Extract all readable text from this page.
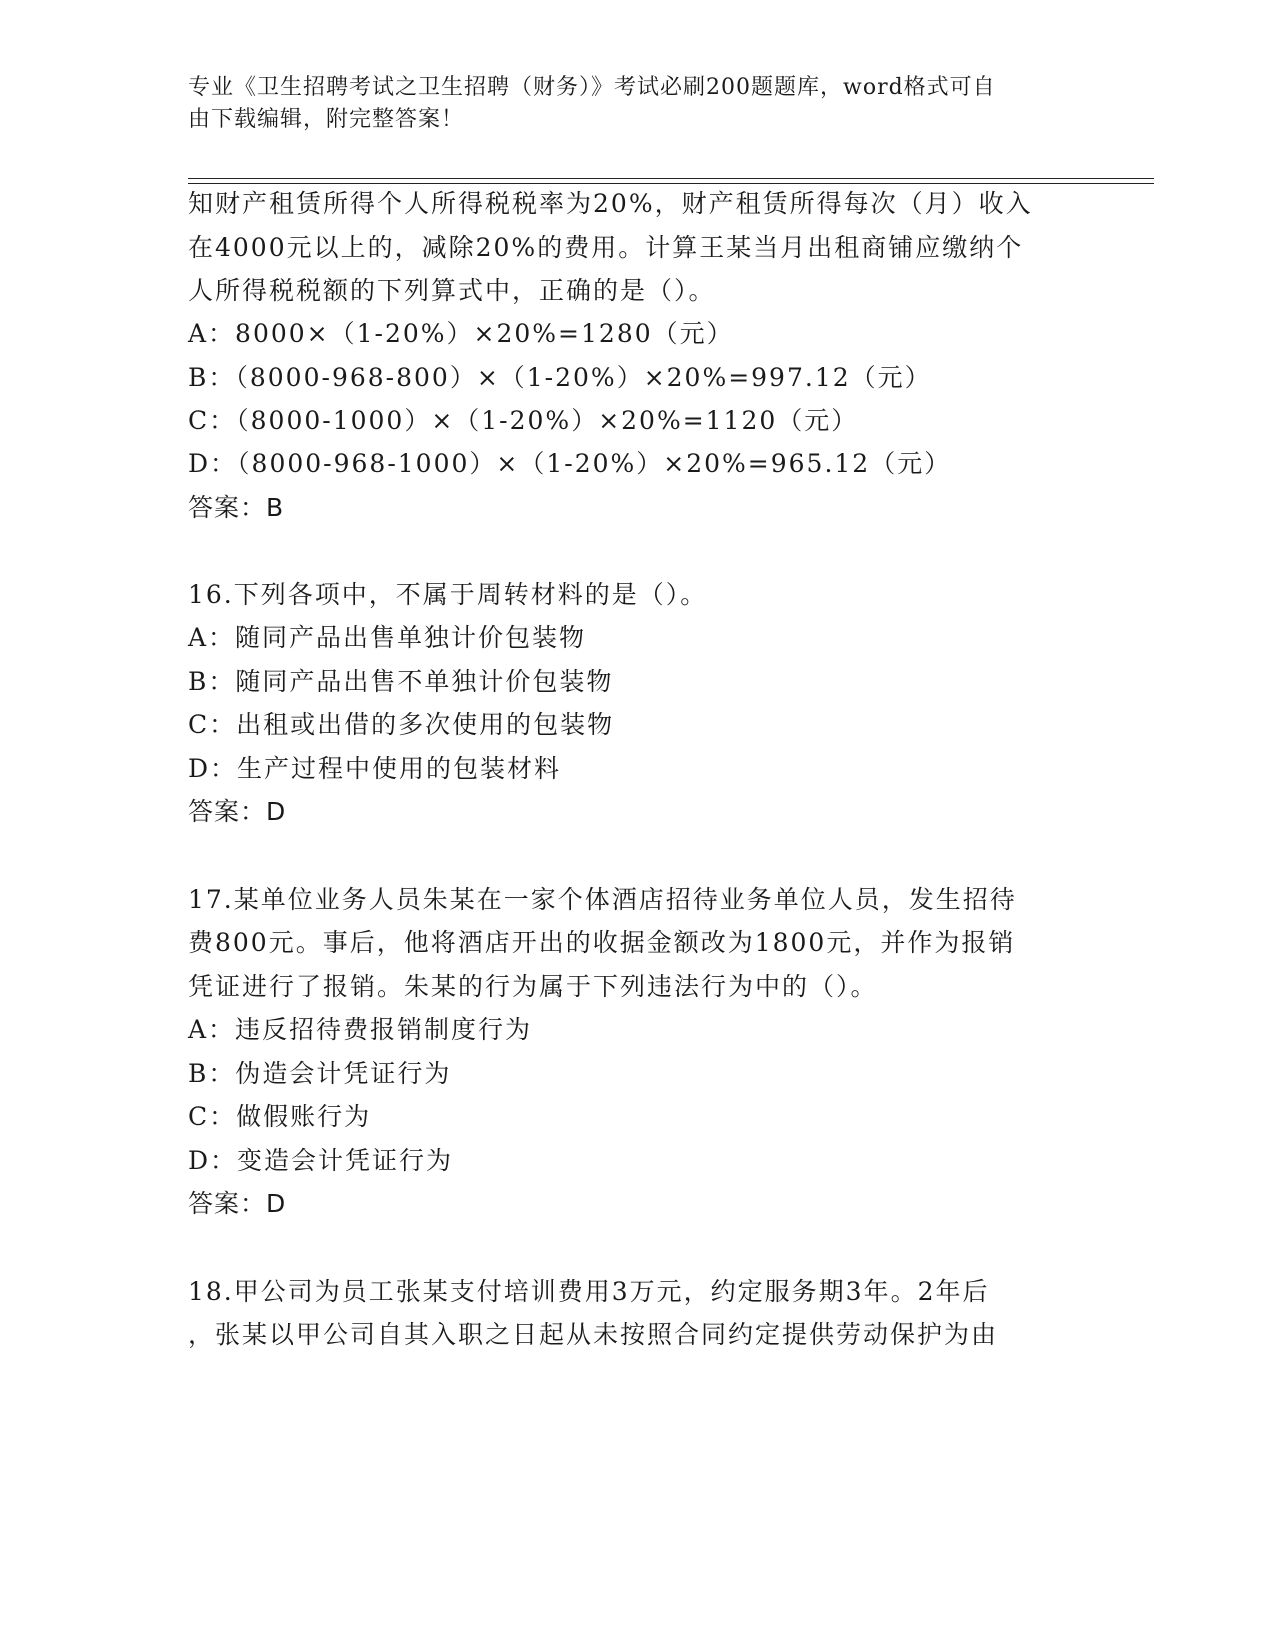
专业《卫生招聘考试之卫生招聘（财务）》考试必刷200题题库，word格式可自
由下载编辑，附完整答案！
知财产租赁所得个人所得税税率为20%，财产租赁所得每次（月）收入
在4000元以上的，减除20%的费用。计算王某当月出租商铺应缴纳个
人所得税税额的下列算式中，正确的是（）。
A：8000×（1-20%）×20%=1280（元）
B：（8000-968-800）×（1-20%）×20%=997.12（元）
C：（8000-1000）×（1-20%）×20%=1120（元）
D：（8000-968-1000）×（1-20%）×20%=965.12（元）
答案：B
16.下列各项中，不属于周转材料的是（）。
A：随同产品出售单独计价包装物
B：随同产品出售不单独计价包装物
C：出租或出借的多次使用的包装物
D：生产过程中使用的包装材料
答案：D
17.某单位业务人员朱某在一家个体酒店招待业务单位人员，发生招待
费800元。事后，他将酒店开出的收据金额改为1800元，并作为报销
凭证进行了报销。朱某的行为属于下列违法行为中的（）。
A：违反招待费报销制度行为
B：伪造会计凭证行为
C：做假账行为
D：变造会计凭证行为
答案：D
18.甲公司为员工张某支付培训费用3万元，约定服务期3年。2年后
，张某以甲公司自其入职之日起从未按照合同约定提供劳动保护为由
